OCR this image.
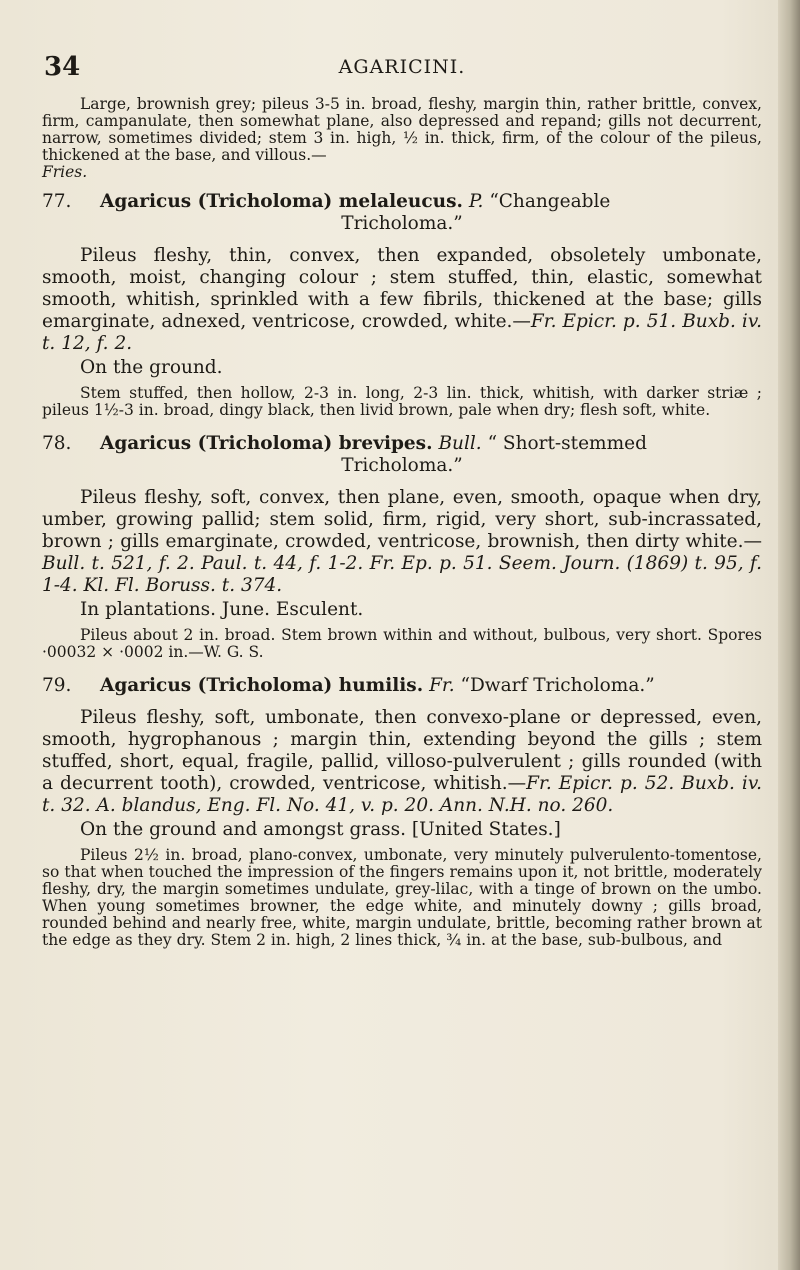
34	AGARICINI.

Large, brownish grey; pileus 3-5 in. broad, fleshy, margin thin, rather brittle, convex, firm, campanulate, then somewhat plane, also depressed and repand; gills not decurrent, narrow, sometimes divided; stem 3 in. high, ½ in. thick, firm, of the colour of the pileus, thickened at the base, and villous.—

Fries.

77. Agaricus (Tricholoma) melaleucus. P. “Changeable
Tricholoma.”

Pileus fleshy, thin, convex, then expanded, obsoletely umbonate, smooth, moist, changing colour ; stem stuffed, thin, elastic, somewhat smooth, whitish, sprinkled with a few fibrils, thickened at the base; gills emarginate, adnexed, ventricose, crowded, white.—Fr. Epicr. p. 51. Buxb. iv. t. 12, f. 2.

On the ground.

Stem stuffed, then hollow, 2-3 in. long, 2-3 lin. thick, whitish, with darker striæ ; pileus 1½-3 in. broad, dingy black, then livid brown, pale when dry; flesh soft, white.

78. Agaricus (Tricholoma) brevipes. Bull. “ Short-stemmed
Tricholoma.”

Pileus fleshy, soft, convex, then plane, even, smooth, opaque when dry, umber, growing pallid; stem solid, firm, rigid, very short, sub-incrassated, brown ; gills emarginate, crowded, ventricose, brownish, then dirty white.—Bull. t. 521, f. 2. Paul. t. 44, f. 1-2. Fr. Ep. p. 51. Seem. Journ. (1869) t. 95, f. 1-4. Kl. Fl. Boruss. t. 374.

In plantations. June. Esculent.

Pileus about 2 in. broad. Stem brown within and without, bulbous, very short. Spores ·00032 × ·0002 in.—W. G. S.

79. Agaricus (Tricholoma) humilis. Fr. “Dwarf Tricholoma.”

Pileus fleshy, soft, umbonate, then convexo-plane or depressed, even, smooth, hygrophanous ; margin thin, extending beyond the gills ; stem stuffed, short, equal, fragile, pallid, villoso-pulverulent ; gills rounded (with a decurrent tooth), crowded, ventricose, whitish.—Fr. Epicr. p. 52. Buxb. iv. t. 32. A. blandus, Eng. Fl. No. 41, v. p. 20. Ann. N.H. no. 260.

On the ground and amongst grass. [United States.]

Pileus 2½ in. broad, plano-convex, umbonate, very minutely pulverulento-tomentose, so that when touched the impression of the fingers remains upon it, not brittle, moderately fleshy, dry, the margin sometimes undulate, grey-lilac, with a tinge of brown on the umbo. When young sometimes browner, the edge white, and minutely downy ; gills broad, rounded behind and nearly free, white, margin undulate, brittle, becoming rather brown at the edge as they dry. Stem 2 in. high, 2 lines thick, ¾ in. at the base, sub-bulbous, and
